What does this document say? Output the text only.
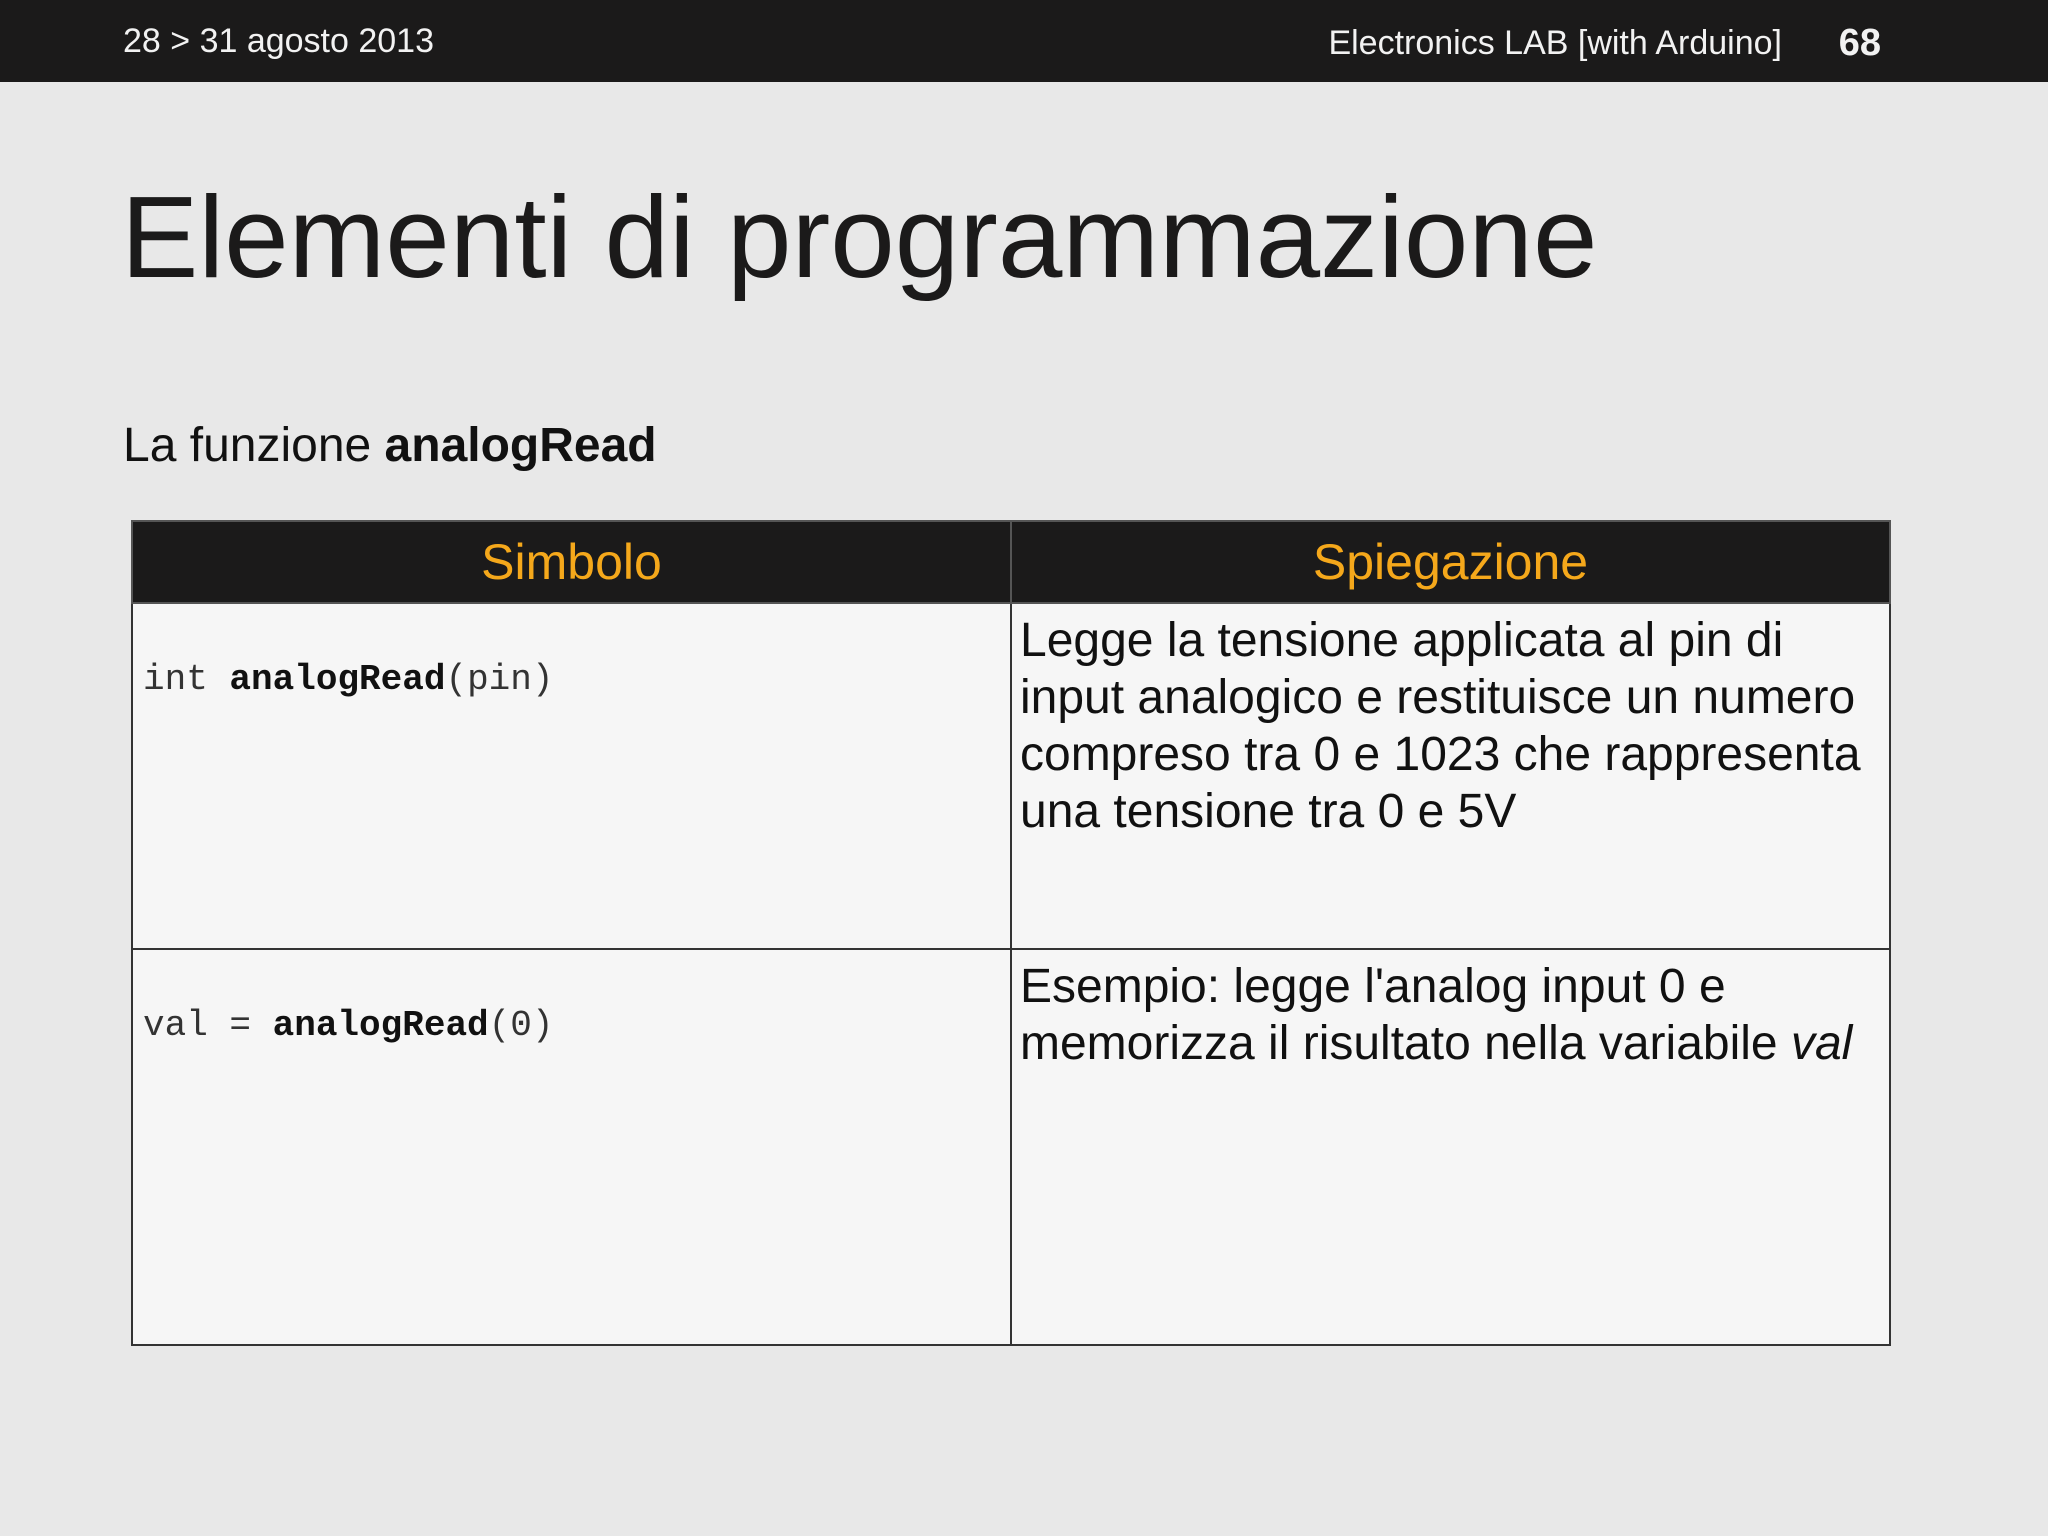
28 > 31 agosto 2013	Electronics LAB [with Arduino] 68
Elementi di programmazione
La funzione analogRead
Simbolo	Spiegazione

int analogRead(pin)	Legge la tensione applicata al pin di input analogico e restituisce un numero compreso tra 0 e 1023 che rappresenta una tensione tra 0 e 5V

val = analogRead(0)	Esempio: legge l'analog input 0 e memorizza il risultato nella variabile val
